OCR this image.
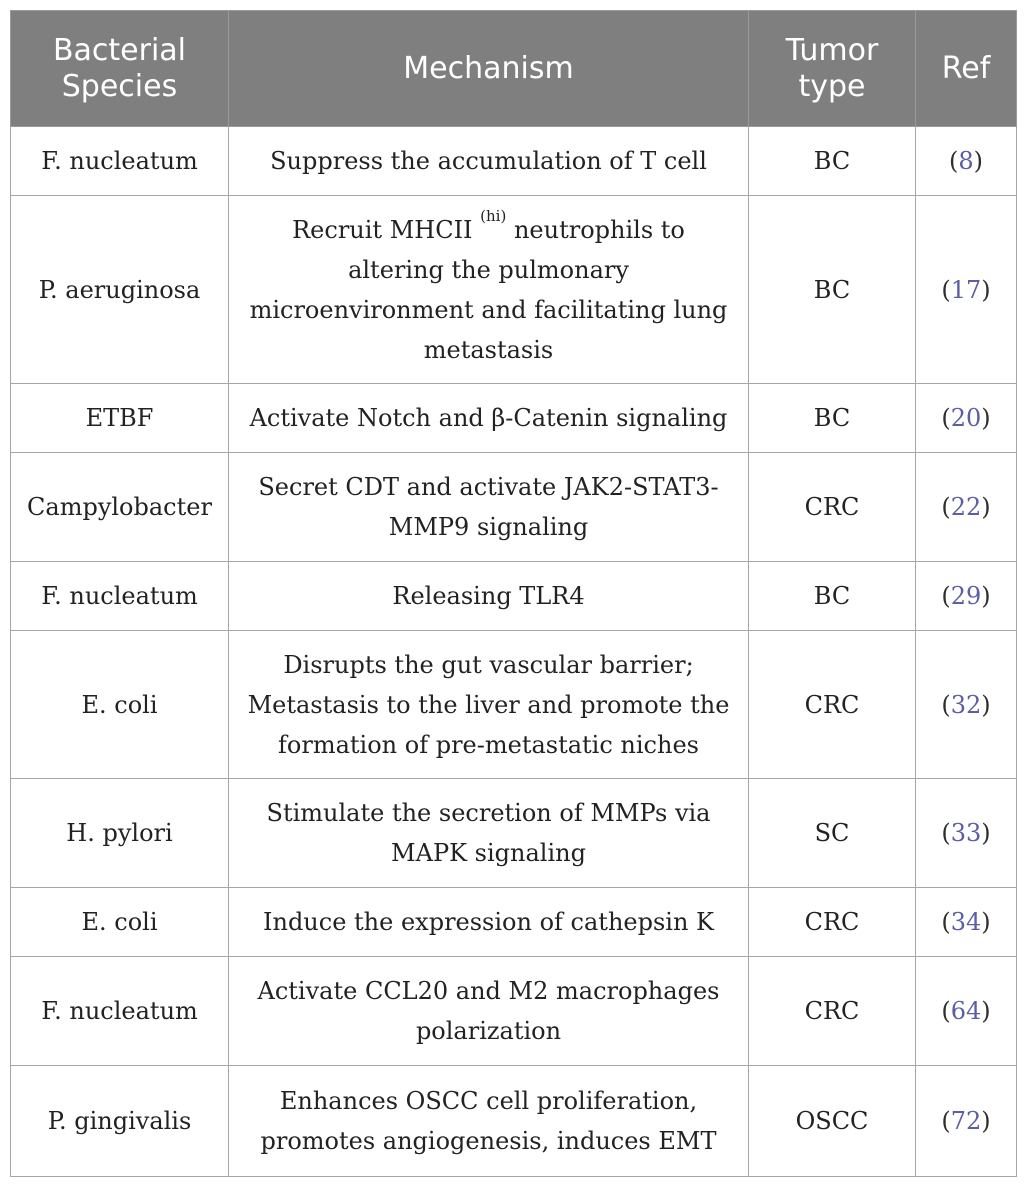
Bacterial Species	Mechanism	Tumor type	Ref
F. nucleatum	Suppress the accumulation of T cell	BC	(8)
P. aeruginosa	Recruit MHCII $^{(hi)}$ neutrophils to altering the pulmonary microenvironment and facilitating lung metastasis	BC	(17)
ETBF	Activate Notch and β-Catenin signaling	BC	(20)
Campylobacter	Secret CDT and activate JAK2-STAT3-MMP9 signaling	CRC	(22)
F. nucleatum	Releasing TLR4	BC	(29)
E. coli	Disrupts the gut vascular barrier; Metastasis to the liver and promote the formation of pre-metastatic niches	CRC	(32)
H. pylori	Stimulate the secretion of MMPs via MAPK signaling	SC	(33)
E. coli	Induce the expression of cathepsin K	CRC	(34)
F. nucleatum	Activate CCL20 and M2 macrophages polarization	CRC	(64)
P. gingivalis	Enhances OSCC cell proliferation, promotes angiogenesis, induces EMT	OSCC	(72)
